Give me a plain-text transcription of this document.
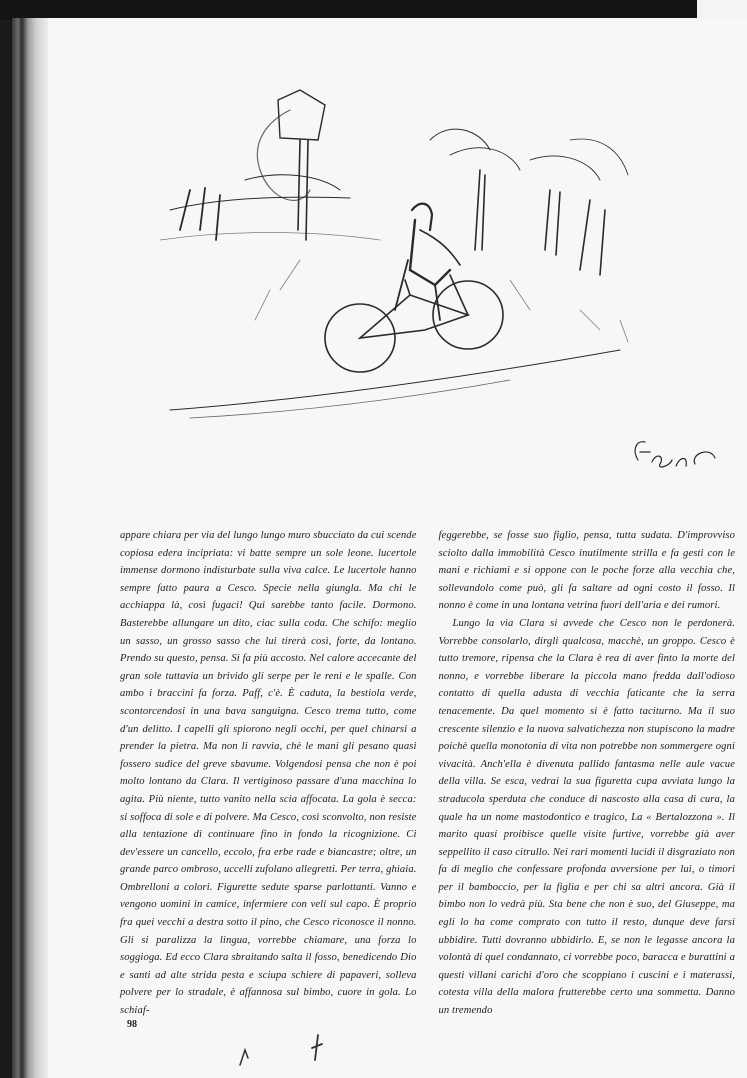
appare chiara per via del lungo lungo muro sbucciato da cui scende copiosa edera incipriata: vi batte sempre un sole leone. lucertole immense dormono indisturbate sulla viva calce. Le lucertole hanno sempre fatto paura a Cesco. Specie nella giungla. Ma chi le acchiappa là, così fugaci! Qui sarebbe tanto facile. Dormono. Basterebbe allungare un dito, ciac sulla coda. Che schifo: meglio un sasso, un grosso sasso che lui tirerà così, forte, da lontano. Prendo su questo, pensa. Si fa più accosto. Nel calore accecante del gran sole tuttavia un brivido gli serpe per le reni e le spalle. Con ambo i braccini fa forza. Paff, c'è. È caduta, la bestiola verde, scontorcendosi in una bava sanguigna. Cesco trema tutto, come d'un delitto. I capelli gli spiorono negli occhi, per quel chinarsi a prender la pietra. Ma non li ravvia, chè le mani gli pesano quasi fossero sudice del greve sbavume. Volgendosi pensa che non è poi molto lontano da Clara. Il vertiginoso passare d'una macchina lo agita. Più niente, tutto vanito nella scia affocata. La gola è secca: si soffoca di sole e di polvere. Ma Cesco, così sconvolto, non resiste alla tentazione di continuare fino in fondo la ricognizione. Ci dev'essere un cancello, eccolo, fra erbe rade e biancastre; oltre, un grande parco ombroso, uccelli zufolano allegretti. Per terra, ghiaia. Ombrelloni a colori. Figurette sedute sparse parlottanti. Vanno e vengono uomini in camice, infermiere con veli sul capo. È proprio fra quei vecchi a destra sotto il pino, che Cesco riconosce il nonno. Gli si paralizza la lingua, vorrebbe chiamare, una forza lo soggioga. Ed ecco Clara sbraitando salta il fosso, benedicendo Dio e santi ad alte strida pesta e sciupa schiere di papaveri, solleva polvere per lo stradale, è affannosa sul bimbo, cuore in gola. Lo schiaf-

feggerebbe, se fosse suo figlio, pensa, tutta sudata. D'improvviso sciolto dalla immobilità Cesco inutilmente strilla e fa gesti con le mani e richiami e si oppone con le poche forze alla vecchia che, sollevandolo come può, gli fa saltare ad ogni costo il fosso. Il nonno è come in una lontana vetrina fuori dell'aria e dei rumori.

Lungo la via Clara si avvede che Cesco non le perdonerà. Vorrebbe consolarlo, dirgli qualcosa, macchè, un groppo. Cesco è tutto tremore, ripensa che la Clara è rea di aver finto la morte del nonno, e vorrebbe liberare la piccola mano fredda dall'odioso contatto di quella adusta di vecchia faticante che la serra tenacemente. Da quel momento si è fatto taciturno. Ma il suo crescente silenzio e la nuova salvatichezza non stupiscono la madre poichè quella monotonia di vita non potrebbe non sommergere ogni vivacità. Anch'ella è divenuta pallido fantasma nelle aule vacue della villa. Se esca, vedrai la sua figuretta cupa avviata lungo la straducola sperduta che conduce di nascosto alla casa di cura, la quale ha un nome mastodontico e tragico, La « Bertalozzona ». Il marito quasi proibisce quelle visite furtive, vorrebbe già aver seppellito il caso citrullo. Nei rari momenti lucidi il disgraziato non fa di meglio che confessare profonda avversione per lui, o timori per il bamboccio, per la figlia e per chi sa altri ancora. Già il bimbo non lo vedrà più. Sta bene che non è suo, del Giuseppe, ma egli lo ha come comprato con tutto il resto, dunque deve farsi ubbidire. Tutti dovranno ubbidirlo. E, se non le legasse ancora la volontà di quel condannato, ci vorrebbe poco, baracca e burattini a questi villani carichi d'oro che scoppiano i cuscini e i materassi, cotesta villa della malora frutterebbe certo una sommetta. Danno un tremendo

98
